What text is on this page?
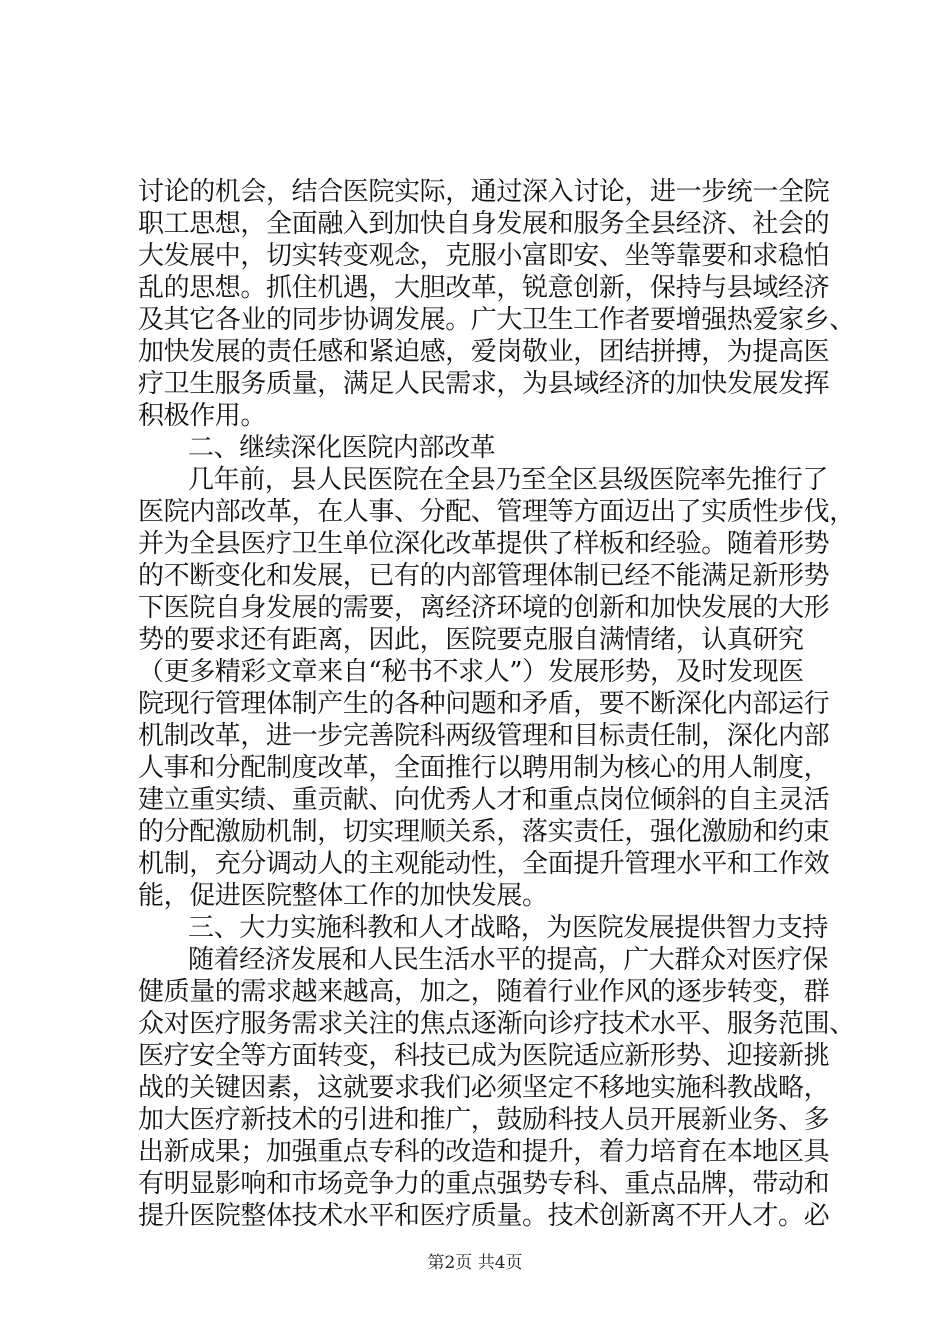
讨论的机会，结合医院实际，通过深入讨论，进一步统一全院
职工思想，全面融入到加快自身发展和服务全县经济、社会的
大发展中，切实转变观念，克服小富即安、坐等靠要和求稳怕
乱的思想。抓住机遇，大胆改革，锐意创新，保持与县域经济
及其它各业的同步协调发展。广大卫生工作者要增强热爱家乡、
加快发展的责任感和紧迫感，爱岗敬业，团结拼搏，为提高医
疗卫生服务质量，满足人民需求，为县域经济的加快发展发挥
积极作用。
二、继续深化医院内部改革
几年前，县人民医院在全县乃至全区县级医院率先推行了
医院内部改革，在人事、分配、管理等方面迈出了实质性步伐，
并为全县医疗卫生单位深化改革提供了样板和经验。随着形势
的不断变化和发展，已有的内部管理体制已经不能满足新形势
下医院自身发展的需要，离经济环境的创新和加快发展的大形
势的要求还有距离，因此，医院要克服自满情绪，认真研究
（更多精彩文章来自“秘书不求人”）发展形势，及时发现医
院现行管理体制产生的各种问题和矛盾，要不断深化内部运行
机制改革，进一步完善院科两级管理和目标责任制，深化内部
人事和分配制度改革，全面推行以聘用制为核心的用人制度，
建立重实绩、重贡献、向优秀人才和重点岗位倾斜的自主灵活
的分配激励机制，切实理顺关系，落实责任，强化激励和约束
机制，充分调动人的主观能动性，全面提升管理水平和工作效
能，促进医院整体工作的加快发展。
三、大力实施科教和人才战略，为医院发展提供智力支持
随着经济发展和人民生活水平的提高，广大群众对医疗保
健质量的需求越来越高，加之，随着行业作风的逐步转变，群
众对医疗服务需求关注的焦点逐渐向诊疗技术水平、服务范围、
医疗安全等方面转变，科技已成为医院适应新形势、迎接新挑
战的关键因素，这就要求我们必须坚定不移地实施科教战略，
加大医疗新技术的引进和推广，鼓励科技人员开展新业务、多
出新成果；加强重点专科的改造和提升，着力培育在本地区具
有明显影响和市场竞争力的重点强势专科、重点品牌，带动和
提升医院整体技术水平和医疗质量。技术创新离不开人才。必
第2页 共4页
